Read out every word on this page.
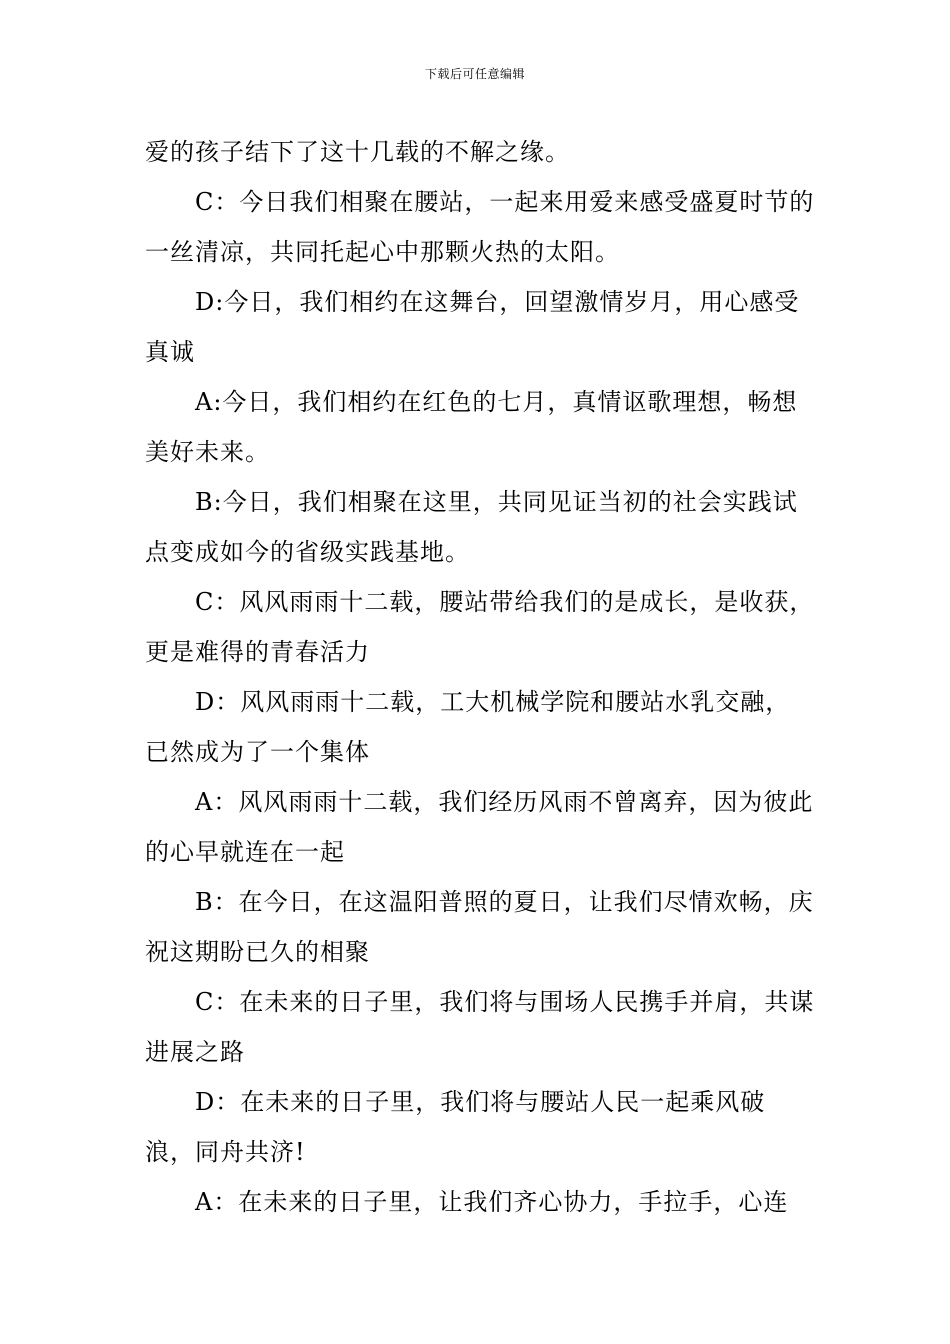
下载后可任意编辑

爱的孩子结下了这十几载的不解之缘。

C：今日我们相聚在腰站，一起来用爱来感受盛夏时节的一丝清凉，共同托起心中那颗火热的太阳。

D:今日，我们相约在这舞台，回望激情岁月，用心感受真诚

A:今日，我们相约在红色的七月，真情讴歌理想，畅想美好未来。

B:今日，我们相聚在这里，共同见证当初的社会实践试点变成如今的省级实践基地。

C：风风雨雨十二载，腰站带给我们的是成长，是收获，更是难得的青春活力

D：风风雨雨十二载，工大机械学院和腰站水乳交融，已然成为了一个集体

A：风风雨雨十二载，我们经历风雨不曾离弃，因为彼此的心早就连在一起

B：在今日，在这温阳普照的夏日，让我们尽情欢畅，庆祝这期盼已久的相聚

C：在未来的日子里，我们将与围场人民携手并肩，共谋进展之路

D：在未来的日子里，我们将与腰站人民一起乘风破浪，同舟共济!

A：在未来的日子里，让我们齐心协力，手拉手，心连
